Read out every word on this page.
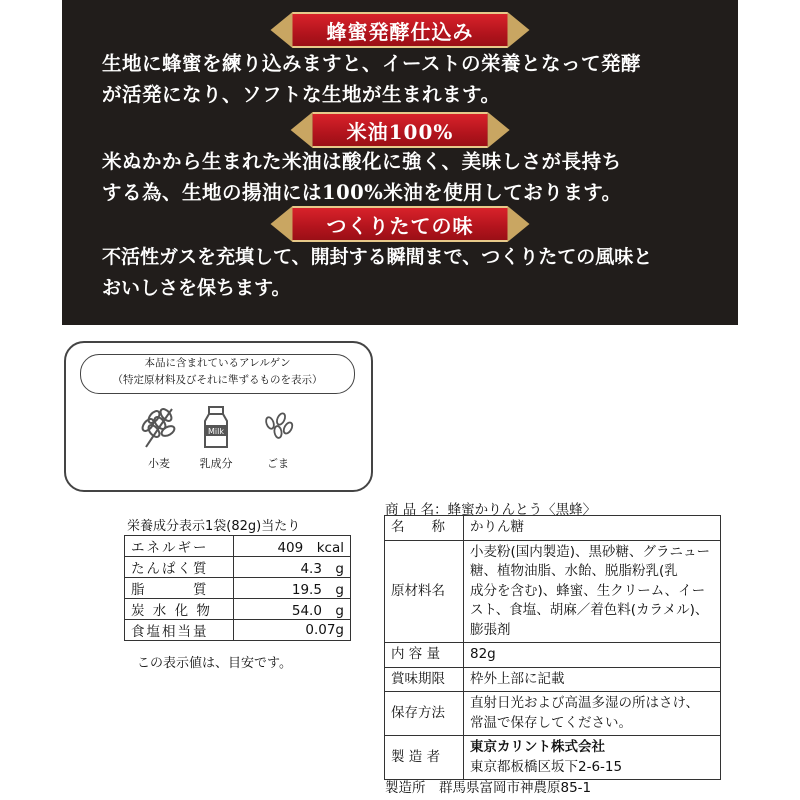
蜂蜜発酵仕込み
生地に蜂蜜を練り込みますと、イーストの栄養となって発酵
が活発になり、ソフトな生地が生まれます。
米油100%
米ぬかから生まれた米油は酸化に強く、美味しさが長持ち
する為、生地の揚油には100%米油を使用しております。
つくりたての味
不活性ガスを充填して、開封する瞬間まで、つくりたての風味と
おいしさを保ちます。
本品に含まれているアレルゲン
（特定原材料及びそれに準ずるものを表示）
小麦
Milk
乳成分	ごま
栄養成分表示1袋(82g)当たり
エネルギー	409　kcal
たんぱく質	4.3　g
脂　　　質	19.5　g
炭 水 化 物	54.0　g
食塩相当量	0.07g
この表示値は、目安です。
商 品 名：蜂蜜かりんとう〈黒蜂〉
名　　称	かりん糖

原材料名	小麦粉(国内製造)、黒砂糖、グラニュー
糖、植物油脂、水飴、脱脂粉乳(乳
成分を含む)、蜂蜜、生クリーム、イー
スト、食塩、胡麻／着色料(カラメル)、
膨張剤

内 容 量	82g

賞味期限	枠外上部に記載

保存方法	直射日光および高温多湿の所はさけ、
常温で保存してください。

製 造 者	東京カリント株式会社
東京都板橋区坂下2-6-15
製造所　群馬県富岡市神農原85-1
